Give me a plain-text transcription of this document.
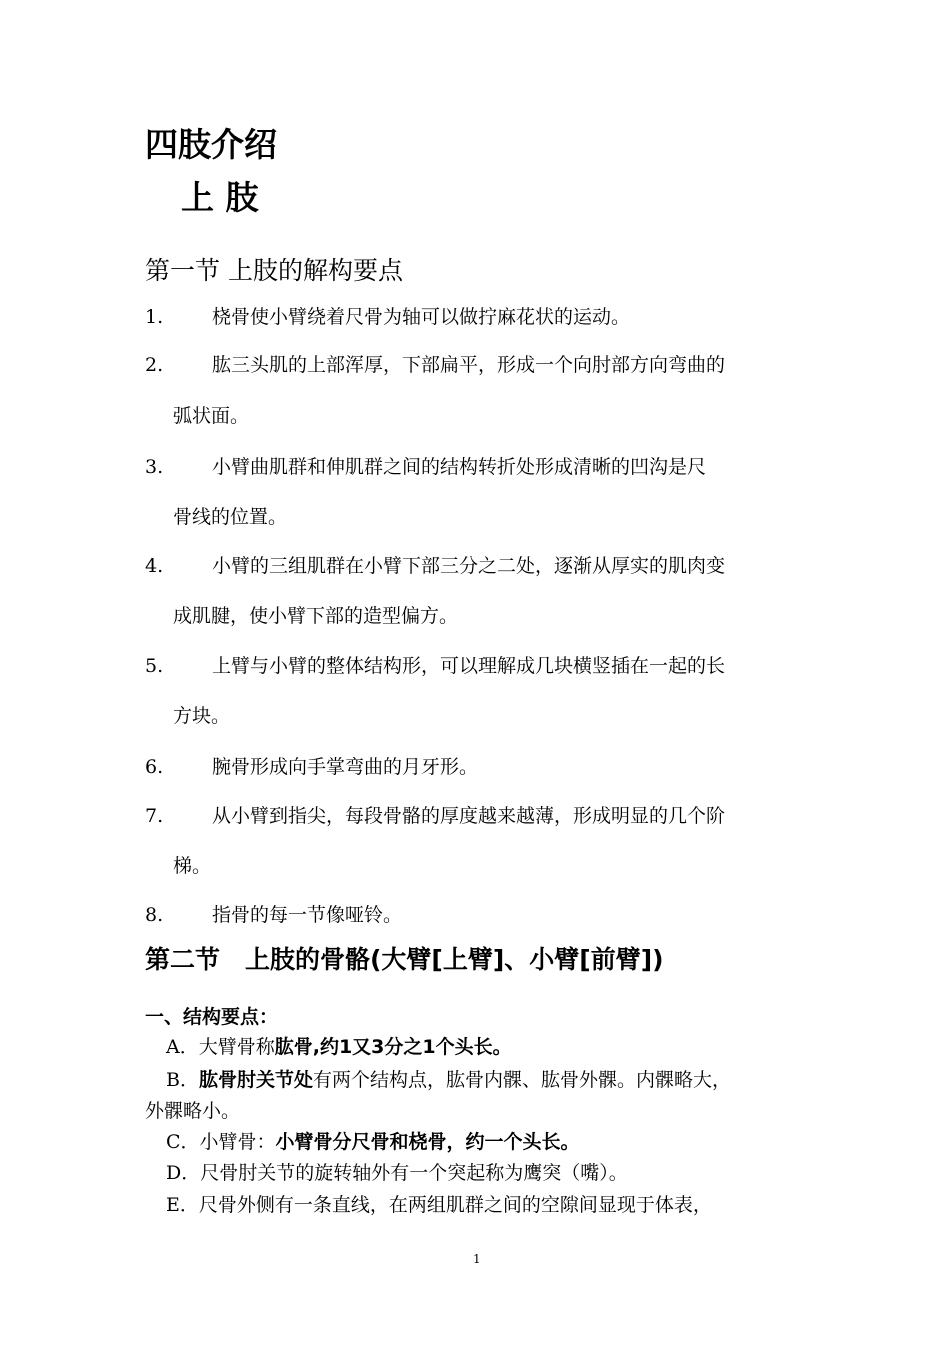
四肢介绍
上 肢
第一节 上肢的解构要点
1.	桡骨使小臂绕着尺骨为轴可以做拧麻花状的运动。
2.	肱三头肌的上部浑厚，下部扁平，形成一个向肘部方向弯曲的
弧状面。
3.	小臂曲肌群和伸肌群之间的结构转折处形成清晰的凹沟是尺
骨线的位置。
4.	小臂的三组肌群在小臂下部三分之二处，逐渐从厚实的肌肉变
成肌腱，使小臂下部的造型偏方。
5.	上臂与小臂的整体结构形，可以理解成几块横竖插在一起的长
方块。
6.	腕骨形成向手掌弯曲的月牙形。
7.	从小臂到指尖，每段骨骼的厚度越来越薄，形成明显的几个阶
梯。
8.	指骨的每一节像哑铃。
第二节　上肢的骨骼(大臂[上臂]、小臂[前臂])
一、结构要点：
A．大臂骨称肱骨,约1又3分之1个头长。
B．肱骨肘关节处有两个结构点，肱骨内髁、肱骨外髁。内髁略大，
外髁略小。
C．小臂骨：小臂骨分尺骨和桡骨，约一个头长。
D．尺骨肘关节的旋转轴外有一个突起称为鹰突（嘴）。
E．尺骨外侧有一条直线，在两组肌群之间的空隙间显现于体表，
1
